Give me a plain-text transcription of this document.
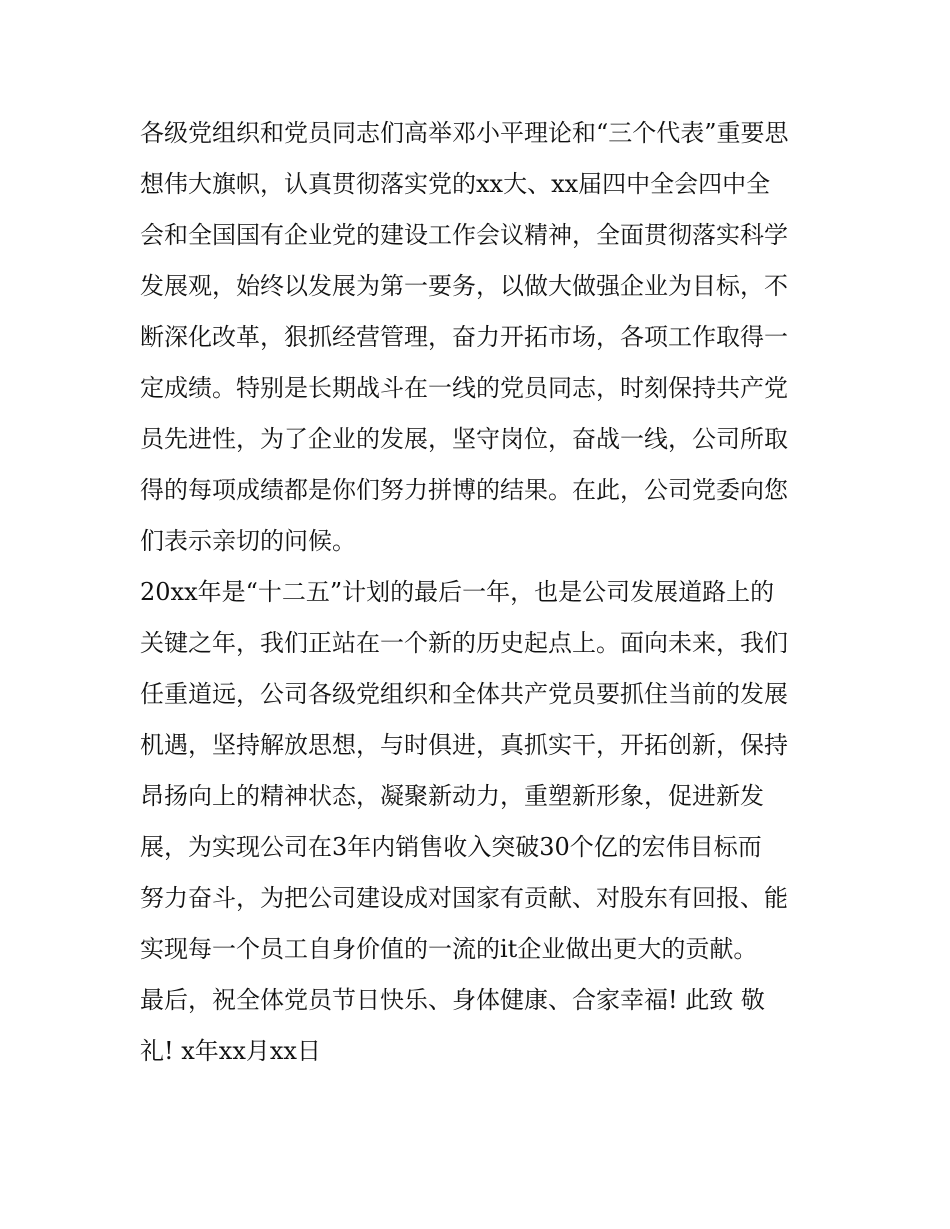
各级党组织和党员同志们高举邓小平理论和“三个代表”重要思
想伟大旗帜，认真贯彻落实党的xx大、xx届四中全会四中全
会和全国国有企业党的建设工作会议精神，全面贯彻落实科学
发展观，始终以发展为第一要务，以做大做强企业为目标，不
断深化改革，狠抓经营管理，奋力开拓市场，各项工作取得一
定成绩。特别是长期战斗在一线的党员同志，时刻保持共产党
员先进性，为了企业的发展，坚守岗位，奋战一线，公司所取
得的每项成绩都是你们努力拼博的结果。在此，公司党委向您
们表示亲切的问候。
20xx年是“十二五”计划的最后一年，也是公司发展道路上的
关键之年，我们正站在一个新的历史起点上。面向未来，我们
任重道远，公司各级党组织和全体共产党员要抓住当前的发展
机遇，坚持解放思想，与时俱进，真抓实干，开拓创新，保持
昂扬向上的精神状态，凝聚新动力，重塑新形象，促进新发
展，为实现公司在3年内销售收入突破30个亿的宏伟目标而
努力奋斗，为把公司建设成对国家有贡献、对股东有回报、能
实现每一个员工自身价值的一流的it企业做出更大的贡献。
最后，祝全体党员节日快乐、身体健康、合家幸福! 此致 敬
礼! x年xx月xx日
